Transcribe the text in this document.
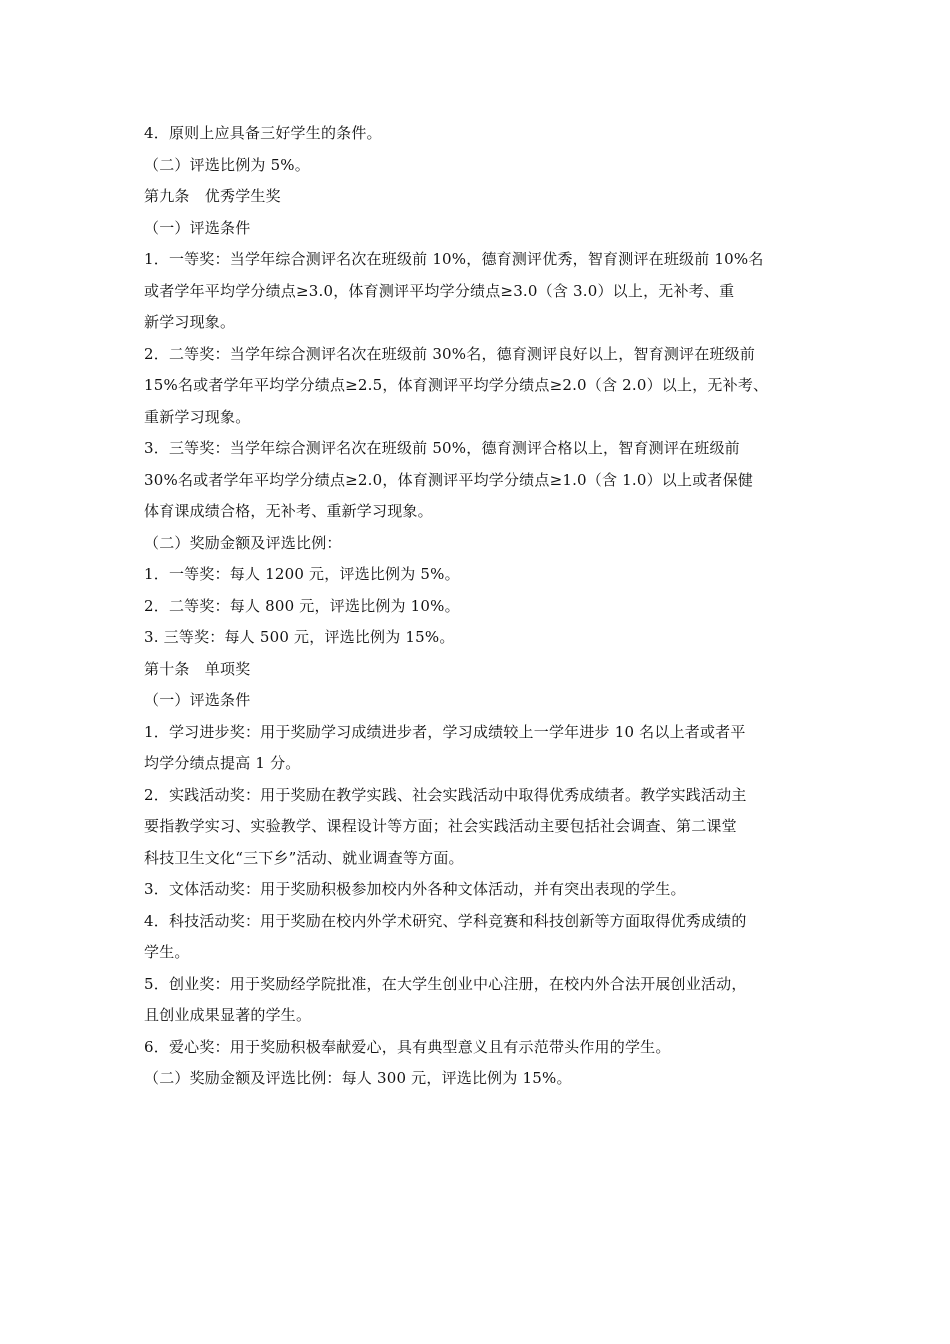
4．原则上应具备三好学生的条件。
（二）评选比例为 5%。
第九条　优秀学生奖
（一）评选条件
1．一等奖：当学年综合测评名次在班级前 10%，德育测评优秀，智育测评在班级前 10%名
或者学年平均学分绩点≥3.0，体育测评平均学分绩点≥3.0（含 3.0）以上，无补考、重
新学习现象。
2．二等奖：当学年综合测评名次在班级前 30%名，德育测评良好以上，智育测评在班级前
15%名或者学年平均学分绩点≥2.5，体育测评平均学分绩点≥2.0（含 2.0）以上，无补考、
重新学习现象。
3．三等奖：当学年综合测评名次在班级前 50%，德育测评合格以上，智育测评在班级前
30%名或者学年平均学分绩点≥2.0，体育测评平均学分绩点≥1.0（含 1.0）以上或者保健
体育课成绩合格，无补考、重新学习现象。
（二）奖励金额及评选比例：
1．一等奖：每人 1200 元，评选比例为 5%。
2．二等奖：每人 800 元，评选比例为 10%。
3. 三等奖：每人 500 元，评选比例为 15%。
第十条　单项奖
（一）评选条件
1．学习进步奖：用于奖励学习成绩进步者，学习成绩较上一学年进步 10 名以上者或者平
均学分绩点提高 1 分。
2．实践活动奖：用于奖励在教学实践、社会实践活动中取得优秀成绩者。教学实践活动主
要指教学实习、实验教学、课程设计等方面；社会实践活动主要包括社会调查、第二课堂
科技卫生文化“三下乡”活动、就业调查等方面。
3．文体活动奖：用于奖励积极参加校内外各种文体活动，并有突出表现的学生。
4．科技活动奖：用于奖励在校内外学术研究、学科竞赛和科技创新等方面取得优秀成绩的
学生。
5．创业奖：用于奖励经学院批准，在大学生创业中心注册，在校内外合法开展创业活动，
且创业成果显著的学生。
6．爱心奖：用于奖励积极奉献爱心，具有典型意义且有示范带头作用的学生。
（二）奖励金额及评选比例：每人 300 元，评选比例为 15%。
